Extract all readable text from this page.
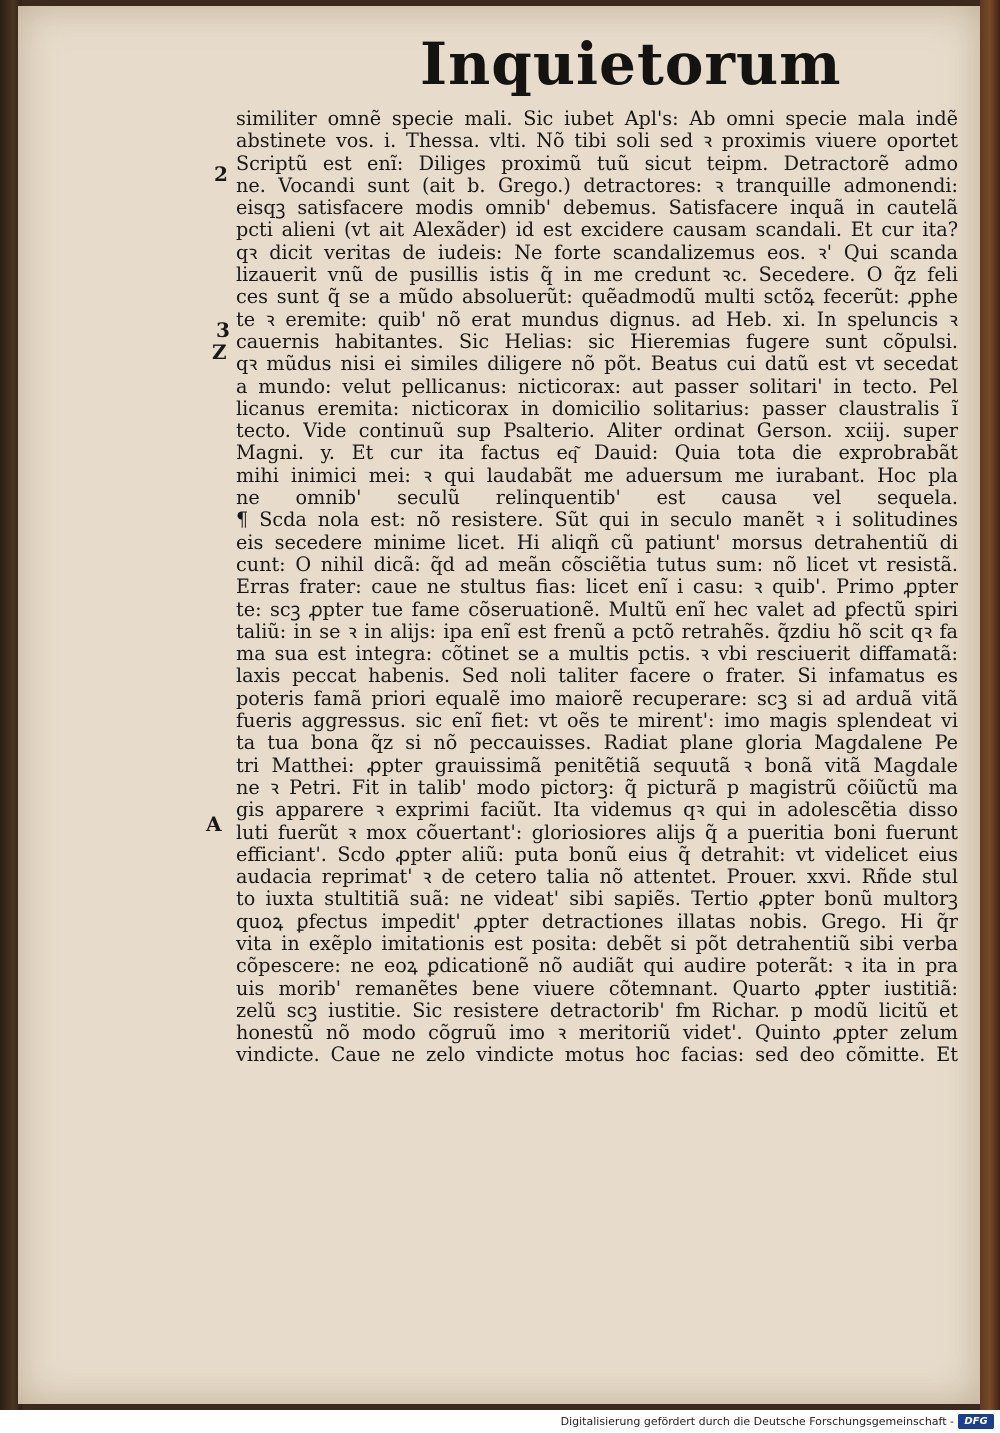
Inquietorum
2
3
Z
A
similiter omnẽ specie mali. Sic iubet Apl's: Ab omni specie mala indẽ
abstinete vos. i. Thessa. vlti. Nõ tibi soli sed ꝛ proximis viuere oportet
Scriptũ est enĩ: Diliges proximũ tuũ sicut teipm. Detractorẽ admo
ne. Vocandi sunt (ait b. Grego.) detractores: ꝛ tranquille admonendi:
eisqꝫ satisfacere modis omnib' debemus. Satisfacere inquã in cautelã
pcti alieni (vt ait Alexãder) id est excidere causam scandali. Et cur ita?
qꝛ dicit veritas de iudeis: Ne forte scandalizemus eos. ꝛ' Qui scanda
lizauerit vnũ de pusillis istis q̃ in me credunt ꝛc. Secedere. O q̃z feli
ces sunt q̃ se a mũdo absoluerũt: quẽadmodũ multi sctõꝝ fecerũt: ꝓphe
te ꝛ eremite: quib' nõ erat mundus dignus. ad Heb. xi. In speluncis ꝛ
cauernis habitantes. Sic Helias: sic Hieremias fugere sunt cõpulsi.
qꝛ mũdus nisi ei similes diligere nõ põt. Beatus cui datũ est vt secedat
a mundo: velut pellicanus: nicticorax: aut passer solitari' in tecto. Pel
licanus eremita: nicticorax in domicilio solitarius: passer claustralis ĩ
tecto. Vide continuũ sup Psalterio. Aliter ordinat Gerson. xciij. super
Magni. y. Et cur ita factus eq͂ Dauid: Quia tota die exprobrabãt
mihi inimici mei: ꝛ qui laudabãt me aduersum me iurabant. Hoc pla
ne omnib' seculũ relinquentib' est causa vel sequela.
¶ Scda nola est: nõ resistere. Sũt qui in seculo manẽt ꝛ i solitudines
eis secedere minime licet. Hi aliqñ cũ patiunt' morsus detrahentiũ di
cunt: O nihil dicã: q̃d ad meãn cõsciẽtia tutus sum: nõ licet vt resistã.
Erras frater: caue ne stultus fias: licet enĩ i casu: ꝛ quib'. Primo ꝓpter
te: scꝫ ꝓpter tue fame cõseruationẽ. Multũ enĩ hec valet ad ꝑfectũ spiri
taliũ: in se ꝛ in alijs: ipa enĩ est frenũ a pctõ retrahẽs. q̃zdiu hõ scit qꝛ fa
ma sua est integra: cõtinet se a multis pctis. ꝛ vbi resciuerit diffamatã:
laxis peccat habenis. Sed noli taliter facere o frater. Si infamatus es
poteris famã priori equalẽ imo maiorẽ recuperare: scꝫ si ad arduã vitã
fueris aggressus. sic enĩ fiet: vt oẽs te mirent': imo magis splendeat vi
ta tua bona q̃z si nõ peccauisses. Radiat plane gloria Magdalene Pe
tri Matthei: ꝓpter grauissimã penitẽtiã sequutã ꝛ bonã vitã Magdale
ne ꝛ Petri. Fit in talib' modo pictorꝫ: q̃ picturã p magistrũ cõiũctũ ma
gis apparere ꝛ exprimi faciũt. Ita videmus qꝛ qui in adolescẽtia disso
luti fuerũt ꝛ mox cõuertant': gloriosiores alijs q̃ a pueritia boni fuerunt
efficiant'. Scdo ꝓpter aliũ: puta bonũ eius q̃ detrahit: vt videlicet eius
audacia reprimat' ꝛ de cetero talia nõ attentet. Prouer. xxvi. Rñde stul
to iuxta stultitiã suã: ne videat' sibi sapiẽs. Tertio ꝓpter bonũ multorꝫ
quoꝝ ꝑfectus impedit' ꝓpter detractiones illatas nobis. Grego. Hi q̃r
vita in exẽplo imitationis est posita: debẽt si põt detrahentiũ sibi verba
cõpescere: ne eoꝝ ꝑdicationẽ nõ audiãt qui audire poterãt: ꝛ ita in pra
uis morib' remanẽtes bene viuere cõtemnant. Quarto ꝓpter iustitiã:
zelũ scꝫ iustitie. Sic resistere detractorib' fm Richar. p modũ licitũ et
honestũ nõ modo cõgruũ imo ꝛ meritoriũ videt'. Quinto ꝓpter zelum
vindicte. Caue ne zelo vindicte motus hoc facias: sed deo cõmitte. Et
Digitalisierung gefördert durch die Deutsche Forschungsgemeinschaft -	DFG
